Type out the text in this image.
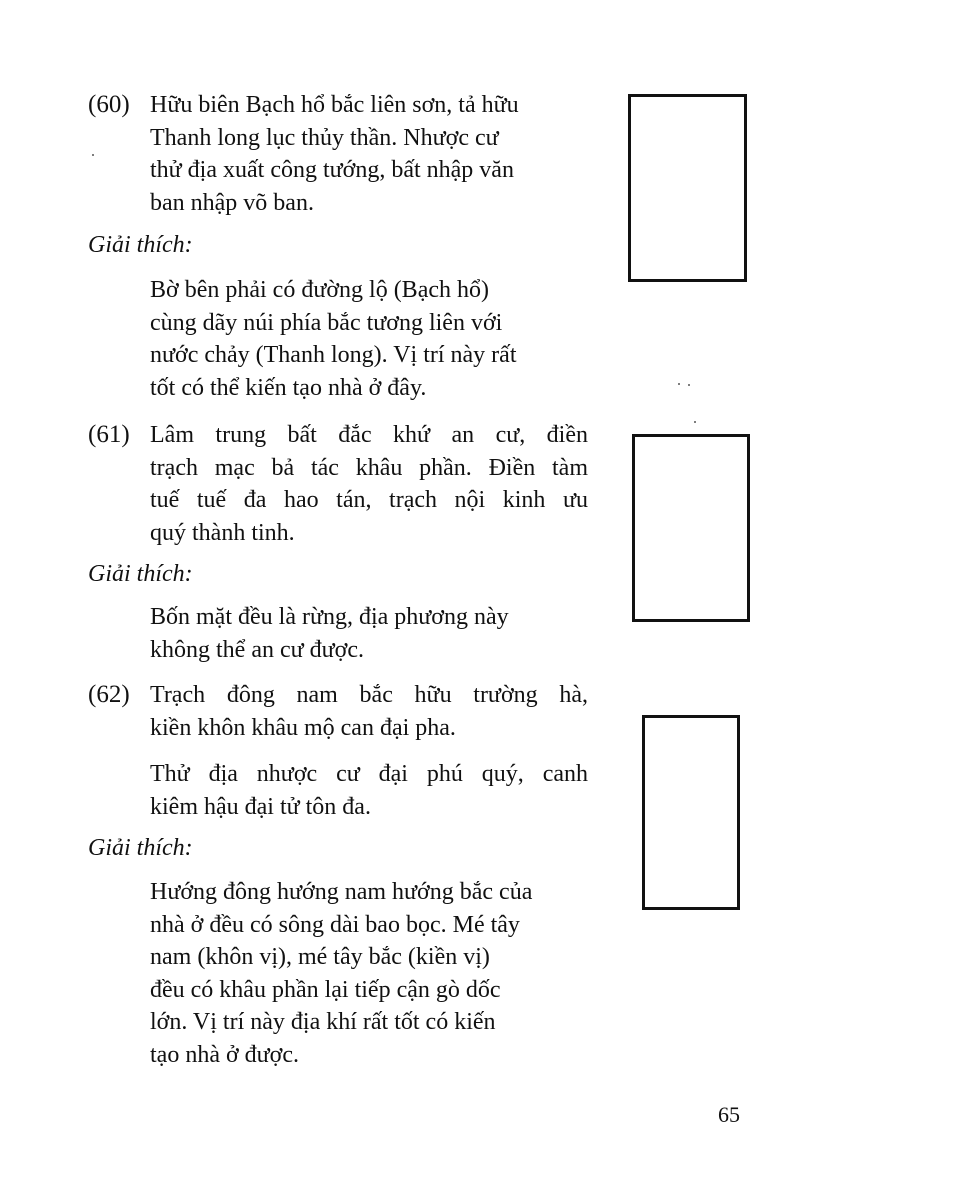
(60) Hữu biên Bạch hổ bắc liên sơn, tả hữu
Thanh long lục thủy thần. Nhược cư
thử địa xuất công tướng, bất nhập văn
ban nhập võ ban.
Giải thích:
Bờ bên phải có đường lộ (Bạch hổ)
cùng dãy núi phía bắc tương liên với
nước chảy (Thanh long). Vị trí này rất
tốt có thể kiến tạo nhà ở đây.
(61) Lâm trung bất đắc khứ an cư, điền
trạch mạc bả tác khâu phần. Điền tàm
tuế tuế đa hao tán, trạch nội kinh ưu
quý thành tinh.
Giải thích:
Bốn mặt đều là rừng, địa phương này
không thể an cư được.
(62) Trạch đông nam bắc hữu trường hà,
kiền khôn khâu mộ can đại pha.
Thử địa nhược cư đại phú quý, canh
kiêm hậu đại tử tôn đa.
Giải thích:
Hướng đông hướng nam hướng bắc của
nhà ở đều có sông dài bao bọc. Mé tây
nam (khôn vị), mé tây bắc (kiền vị)
đều có khâu phần lại tiếp cận gò dốc
lớn. Vị trí này địa khí rất tốt có kiến
tạo nhà ở được.
65
